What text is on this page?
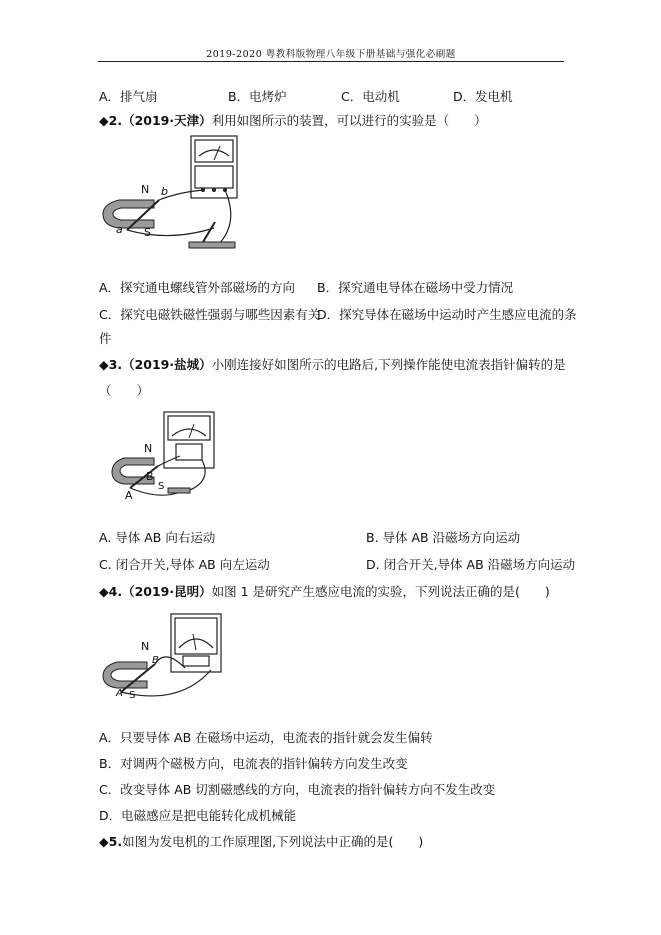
2019-2020 粤教科版物理八年级下册基础与强化必刷题
A．排气扇	B．电烤炉	C．电动机	D．发电机
◆2.（2019·天津）利用如图所示的装置，可以进行的实验是（　　）
N b
a S
A．探究通电螺线管外部磁场的方向 B．探究通电导体在磁场中受力情况
C．探究电磁铁磁性强弱与哪些因素有关
D．探究导体在磁场中运动时产生感应电流的条
件
◆3.（2019·盐城）小刚连接好如图所示的电路后,下列操作能使电流表指针偏转的是
（　　）
N
B
S
A
A. 导体 AB 向右运动	B. 导体 AB 沿磁场方向运动
C. 闭合开关,导体 AB 向左运动	D. 闭合开关,导体 AB 沿磁场方向运动
◆4.（2019·昆明）如图 1 是研究产生感应电流的实验，下列说法正确的是(　　)
N
B
A S
A．只要导体 AB 在磁场中运动，电流表的指针就会发生偏转
B．对调两个磁极方向，电流表的指针偏转方向发生改变
C．改变导体 AB 切割磁感线的方向，电流表的指针偏转方向不发生改变
D．电磁感应是把电能转化成机械能
◆5.如图为发电机的工作原理图,下列说法中正确的是(　　)
